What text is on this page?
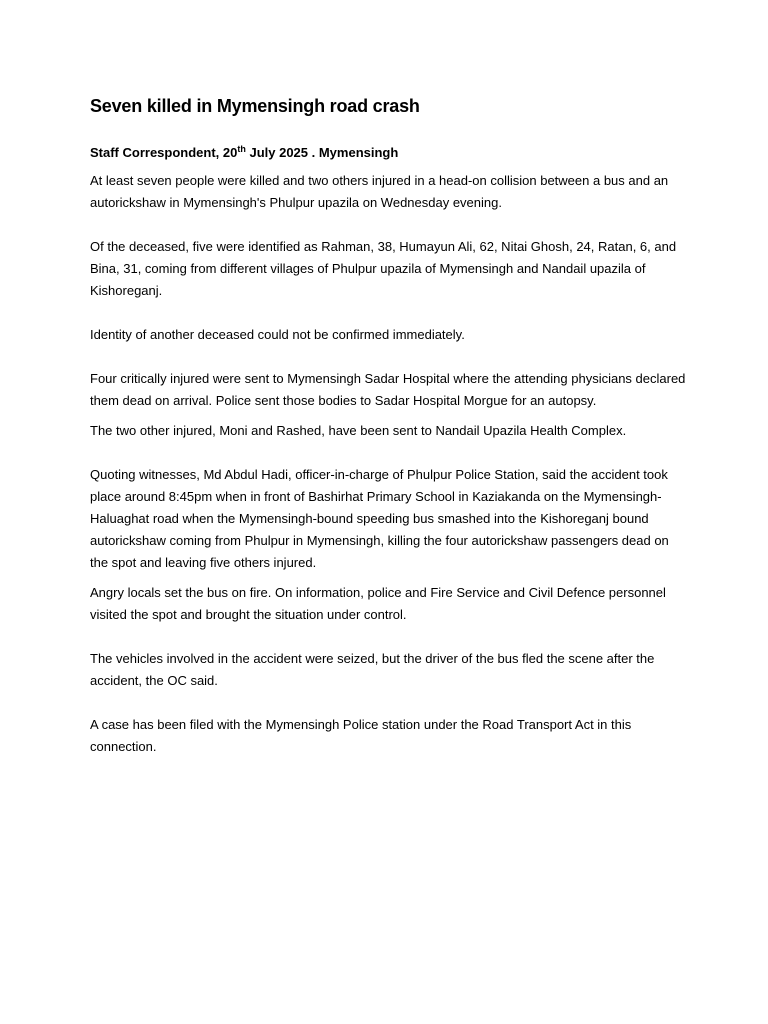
Seven killed in Mymensingh road crash

Staff Correspondent, 20th July 2025 . Mymensingh

At least seven people were killed and two others injured in a head-on collision between a bus and an autorickshaw in Mymensingh's Phulpur upazila on Wednesday evening.

Of the deceased, five were identified as Rahman, 38, Humayun Ali, 62, Nitai Ghosh, 24, Ratan, 6, and Bina, 31, coming from different villages of Phulpur upazila of Mymensingh and Nandail upazila of Kishoreganj.

Identity of another deceased could not be confirmed immediately.

Four critically injured were sent to Mymensingh Sadar Hospital where the attending physicians declared them dead on arrival. Police sent those bodies to Sadar Hospital Morgue for an autopsy.

The two other injured, Moni and Rashed, have been sent to Nandail Upazila Health Complex.

Quoting witnesses, Md Abdul Hadi, officer-in-charge of Phulpur Police Station, said the accident took place around 8:45pm when in front of Bashirhat Primary School in Kaziakanda on the Mymensingh-Haluaghat road when the Mymensingh-bound speeding bus smashed into the Kishoreganj bound autorickshaw coming from Phulpur in Mymensingh, killing the four autorickshaw passengers dead on the spot and leaving five others injured.

Angry locals set the bus on fire. On information, police and Fire Service and Civil Defence personnel visited the spot and brought the situation under control.

The vehicles involved in the accident were seized, but the driver of the bus fled the scene after the accident, the OC said.

A case has been filed with the Mymensingh Police station under the Road Transport Act in this connection.
